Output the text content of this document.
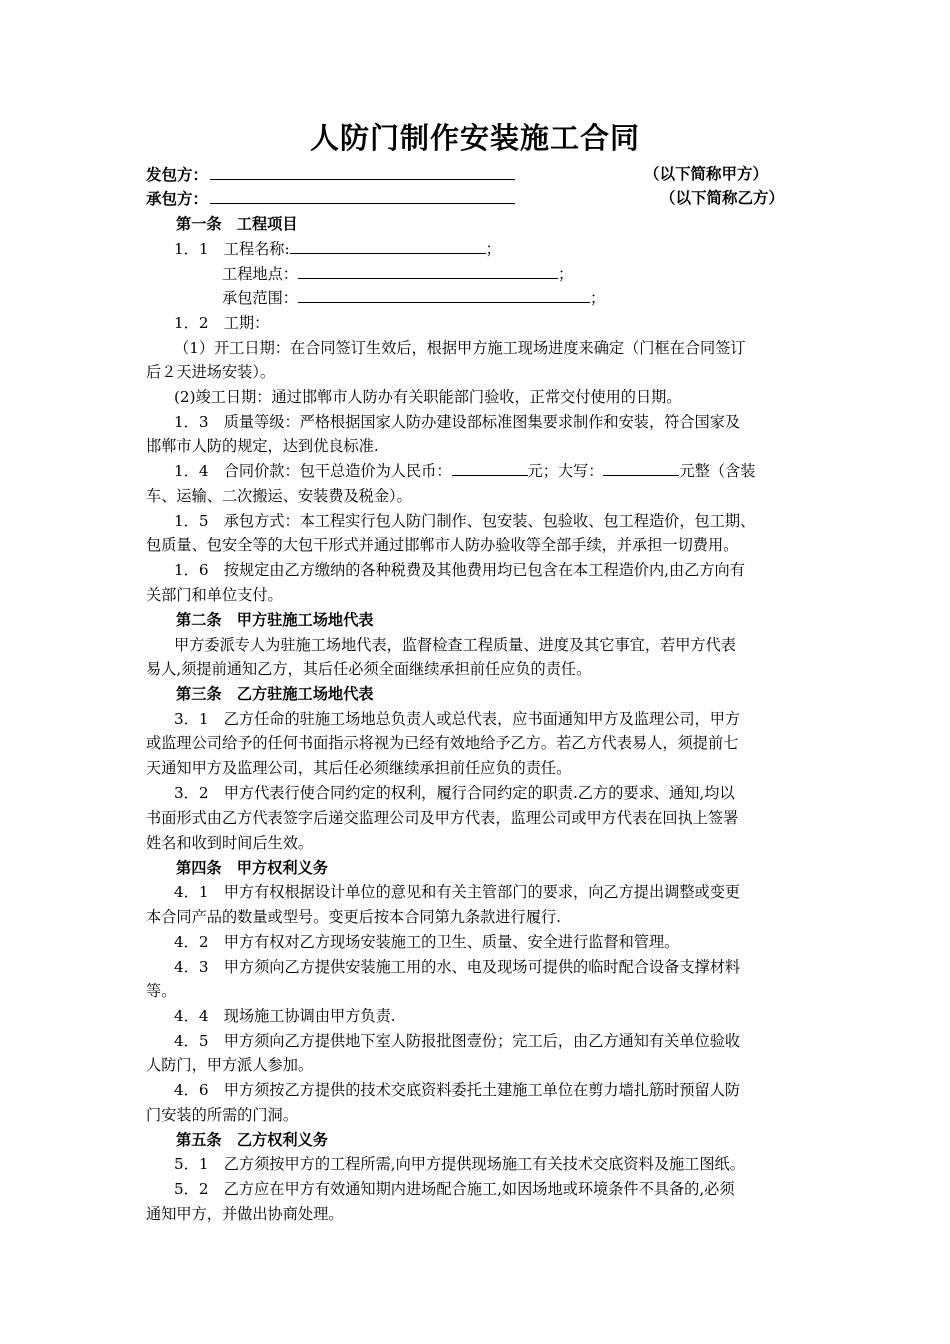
人防门制作安装施工合同
发包方：	（以下简称甲方）
承包方：	（以下简称乙方）
第一条　工程项目
1．1　工程名称:	；
工程地点：	；
承包范围：	；
1．2　工期：
（1）开工日期：在合同签订生效后，根据甲方施工现场进度来确定（门框在合同签订
后２天进场安装）。
(2)竣工日期：通过邯郸市人防办有关职能部门验收，正常交付使用的日期。
1．3　质量等级：严格根据国家人防办建设部标准图集要求制作和安装，符合国家及
邯郸市人防的规定，达到优良标准.
1．4　合同价款：包干总造价为人民币：	元；大写：	元整（含装
车、运输、二次搬运、安装费及税金）。
1．5　承包方式：本工程实行包人防门制作、包安装、包验收、包工程造价，包工期、
包质量、包安全等的大包干形式并通过邯郸市人防办验收等全部手续，并承担一切费用。
1．6　按规定由乙方缴纳的各种税费及其他费用均已包含在本工程造价内,由乙方向有
关部门和单位支付。
第二条　甲方驻施工场地代表
甲方委派专人为驻施工场地代表，监督检查工程质量、进度及其它事宜，若甲方代表
易人,须提前通知乙方，其后任必须全面继续承担前任应负的责任。
第三条　乙方驻施工场地代表
3．1　乙方任命的驻施工场地总负责人或总代表，应书面通知甲方及监理公司，甲方
或监理公司给予的任何书面指示将视为已经有效地给予乙方。若乙方代表易人，须提前七
天通知甲方及监理公司，其后任必须继续承担前任应负的责任。
3．2　甲方代表行使合同约定的权利，履行合同约定的职责.乙方的要求、通知,均以
书面形式由乙方代表签字后递交监理公司及甲方代表，监理公司或甲方代表在回执上签署
姓名和收到时间后生效。
第四条　甲方权利义务
4．1　甲方有权根据设计单位的意见和有关主管部门的要求，向乙方提出调整或变更
本合同产品的数量或型号。变更后按本合同第九条款进行履行.
4．2　甲方有权对乙方现场安装施工的卫生、质量、安全进行监督和管理。
4．3　甲方须向乙方提供安装施工用的水、电及现场可提供的临时配合设备支撑材料
等。
4．4　现场施工协调由甲方负责.
4．5　甲方须向乙方提供地下室人防报批图壹份；完工后，由乙方通知有关单位验收
人防门，甲方派人参加。
4．6　甲方须按乙方提供的技术交底资料委托土建施工单位在剪力墙扎筋时预留人防
门安装的所需的门洞。
第五条　乙方权利义务
5．1　乙方须按甲方的工程所需,向甲方提供现场施工有关技术交底资料及施工图纸。
5．2　乙方应在甲方有效通知期内进场配合施工,如因场地或环境条件不具备的,必须
通知甲方，并做出协商处理。
